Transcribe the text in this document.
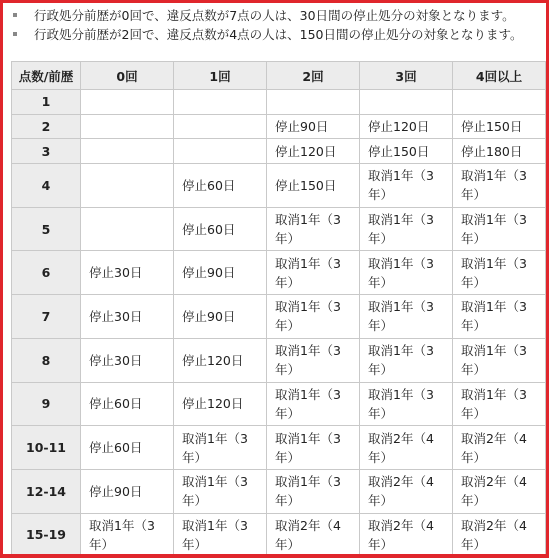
行政処分前歴が0回で、違反点数が7点の人は、30日間の停止処分の対象となります。
行政処分前歴が2回で、違反点数が4点の人は、150日間の停止処分の対象となります。
点数/前歴	0回	1回	2回	3回	4回以上
1					
2			停止90日	停止120日	停止150日
3			停止120日	停止150日	停止180日
4		停止60日	停止150日	取消1年（3年）	取消1年（3年）
5		停止60日	取消1年（3年）	取消1年（3年）	取消1年（3年）
6	停止30日	停止90日	取消1年（3年）	取消1年（3年）	取消1年（3年）
7	停止30日	停止90日	取消1年（3年）	取消1年（3年）	取消1年（3年）
8	停止30日	停止120日	取消1年（3年）	取消1年（3年）	取消1年（3年）
9	停止60日	停止120日	取消1年（3年）	取消1年（3年）	取消1年（3年）
10-11	停止60日	取消1年（3年）	取消1年（3年）	取消2年（4年）	取消2年（4年）
12-14	停止90日	取消1年（3年）	取消1年（3年）	取消2年（4年）	取消2年（4年）
15-19	取消1年（3年）	取消1年（3年）	取消2年（4年）	取消2年（4年）	取消2年（4年）
